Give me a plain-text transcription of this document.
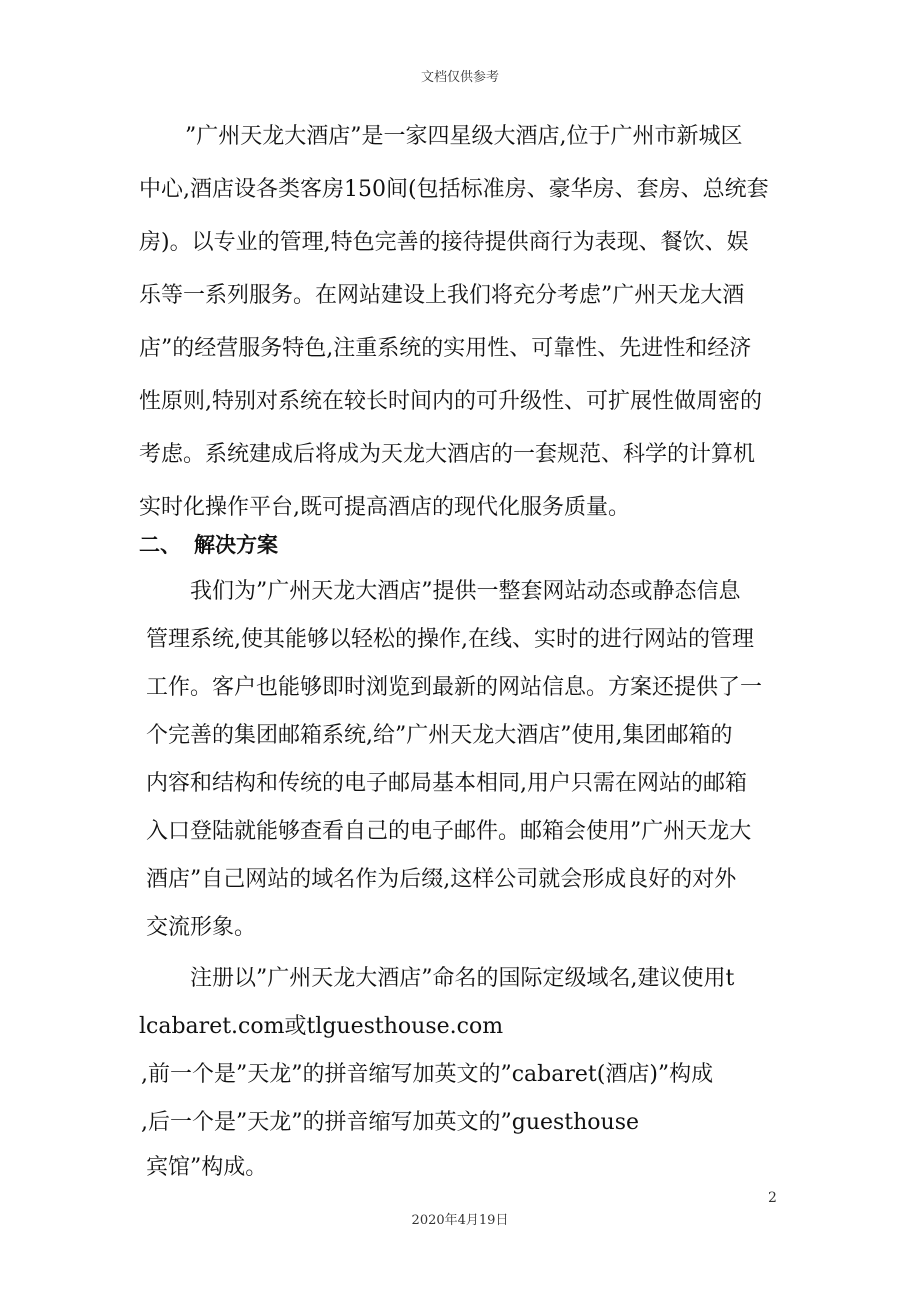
文档仅供参考
”广州天龙大酒店”是一家四星级大酒店,位于广州市新城区
中心,酒店设各类客房150间(包括标准房、豪华房、套房、总统套
房)。以专业的管理,特色完善的接待提供商行为表现、餐饮、娱
乐等一系列服务。在网站建设上我们将充分考虑”广州天龙大酒
店”的经营服务特色,注重系统的实用性、可靠性、先进性和经济
性原则,特别对系统在较长时间内的可升级性、可扩展性做周密的
考虑。系统建成后将成为天龙大酒店的一套规范、科学的计算机
实时化操作平台,既可提高酒店的现代化服务质量。
二、 解决方案
我们为”广州天龙大酒店”提供一整套网站动态或静态信息
管理系统,使其能够以轻松的操作,在线、实时的进行网站的管理
工作。客户也能够即时浏览到最新的网站信息。方案还提供了一
个完善的集团邮箱系统,给”广州天龙大酒店”使用,集团邮箱的
内容和结构和传统的电子邮局基本相同,用户只需在网站的邮箱
入口登陆就能够查看自己的电子邮件。邮箱会使用”广州天龙大
酒店”自己网站的域名作为后缀,这样公司就会形成良好的对外
交流形象。
注册以”广州天龙大酒店”命名的国际定级域名,建议使用t
lcabaret.com或tlguesthouse.com
,前一个是”天龙”的拼音缩写加英文的”cabaret(酒店)”构成
,后一个是”天龙”的拼音缩写加英文的”guesthouse
宾馆”构成。
2
2020年4月19日
